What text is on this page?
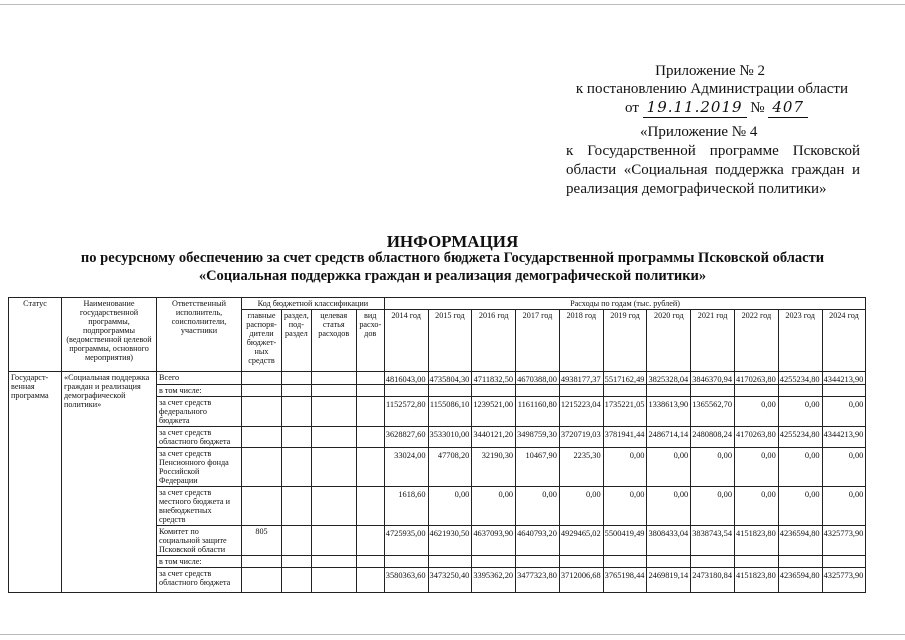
Приложение № 2
к постановлению Администрации области
от 19.11.2019 № 407
«Приложение № 4
к Государственной программе Псковской области «Социальная поддержка граждан и реализация демографической политики»
ИНФОРМАЦИЯ
по ресурсному обеспечению за счет средств областного бюджета Государственной программы Псковской области
«Социальная поддержка граждан и реализация демографической политики»
Статус	Наименование государственной программы, подпрограммы (ведомственной целевой программы, основного мероприятия)	Ответственный исполнитель, соисполнители, участники	Код бюджетной классификации				Расходы по годам (тыс. рублей)										
			главные распоря- дители бюджет- ных средств	раздел, под- раздел	целевая статья расходов	вид расхо- дов	2014 год	2015 год	2016 год	2017 год	2018 год	2019 год	2020 год	2021 год	2022 год	2023 год	2024 год
Государст- венная программа	«Социальная поддержка граждан и реализация демографической политики»	Всего					4816043,00	4735804,30	4711832,50	4670388,00	4938177,37	5517162,49	3825328,04	3846370,94	4170263,80	4255234,80	4344213,90
		в том числе:															
		за счет средств федерального бюджета					1152572,80	1155086,10	1239521,00	1161160,80	1215223,04	1735221,05	1338613,90	1365562,70	0,00	0,00	0,00
		за счет средств областного бюджета					3628827,60	3533010,00	3440121,20	3498759,30	3720719,03	3781941,44	2486714,14	2480808,24	4170263,80	4255234,80	4344213,90
		за счет средств Пенсионного фонда Российской Федерации					33024,00	47708,20	32190,30	10467,90	2235,30	0,00	0,00	0,00	0,00	0,00	0,00
		за счет средств местного бюджета и внебюджетных средств					1618,60	0,00	0,00	0,00	0,00	0,00	0,00	0,00	0,00	0,00	0,00
		Комитет по социальной защите Псковской области	805				4725935,00	4621930,50	4637093,90	4640793,20	4929465,02	5500419,49	3808433,04	3838743,54	4151823,80	4236594,80	4325773,90
		в том числе:															
		за счет средств областного бюджета					3580363,60	3473250,40	3395362,20	3477323,80	3712006,68	3765198,44	2469819,14	2473180,84	4151823,80	4236594,80	4325773,90
